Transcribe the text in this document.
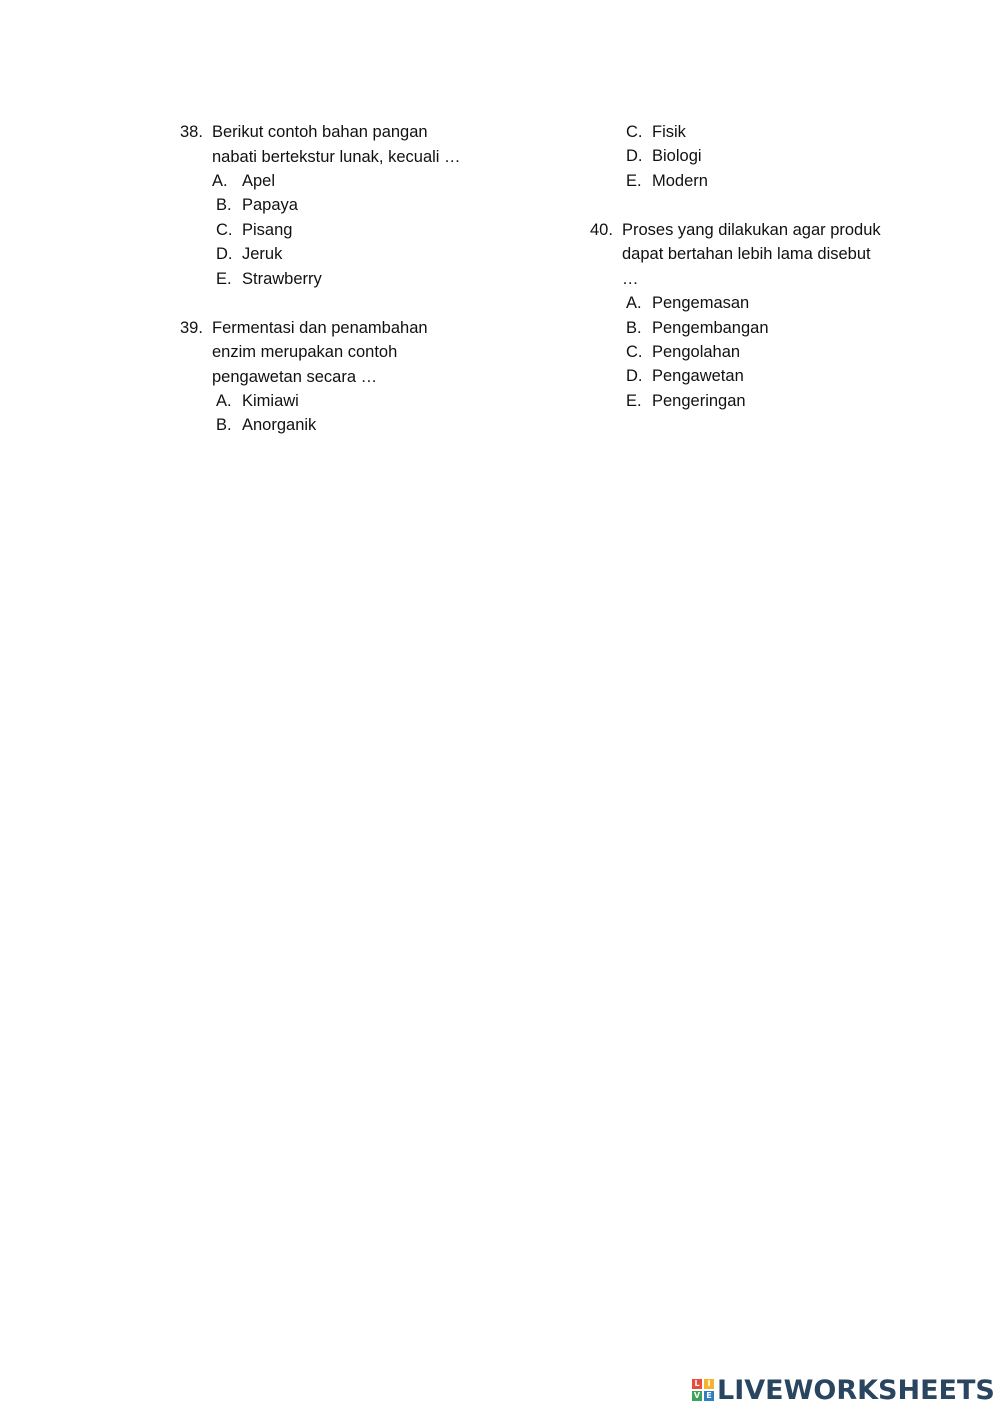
38. Berikut contoh bahan pangan
nabati bertekstur lunak, kecuali …
A. Apel
B. Papaya
C. Pisang
D. Jeruk
E. Strawberry
39. Fermentasi dan penambahan
enzim merupakan contoh
pengawetan secara …
A. Kimiawi
B. Anorganik
C. Fisik
D. Biologi
E. Modern
40. Proses yang dilakukan agar produk
dapat bertahan lebih lama disebut
…
A. Pengemasan
B. Pengembangan
C. Pengolahan
D. Pengawetan
E. Pengeringan
L I
V E LIVEWORKSHEETS
